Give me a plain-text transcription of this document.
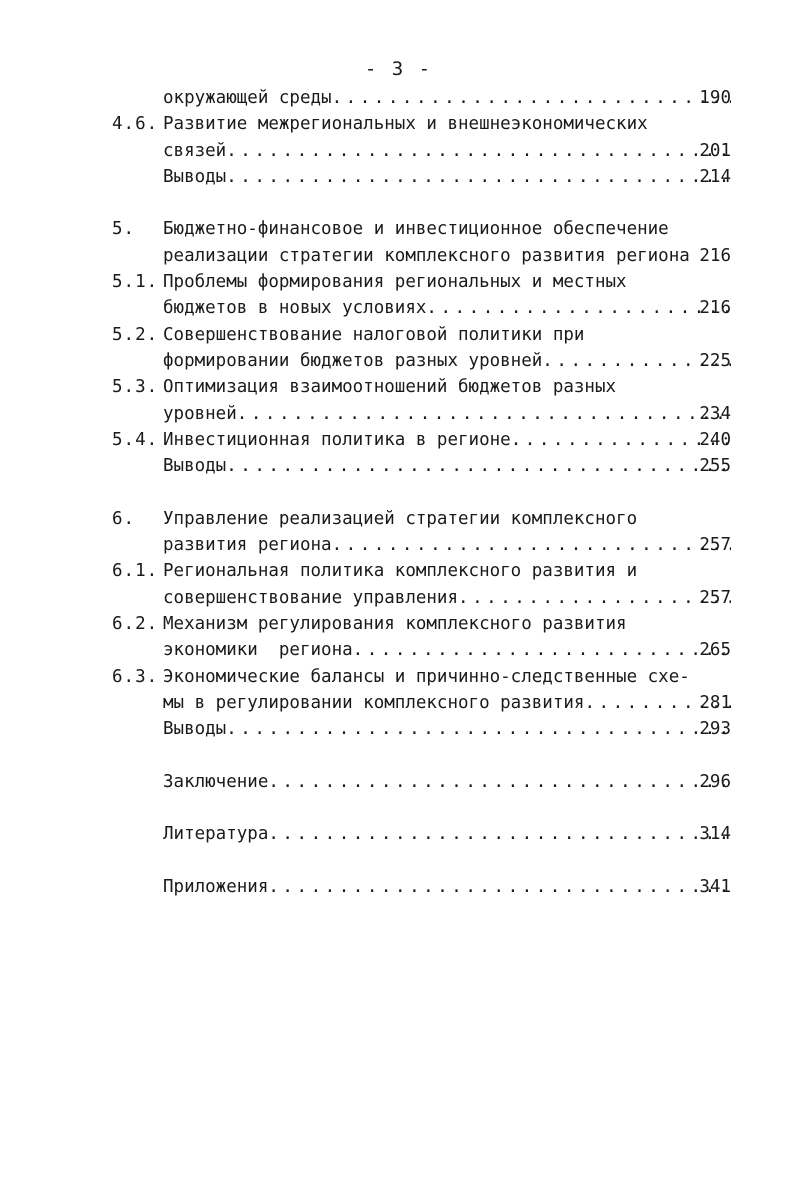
- 3 -
окружающей среды . . .	190
4.6. Развитие межрегиональных и внешнеэкономических
связей . . .	201
Выводы . . .	214
5. Бюджетно-финансовое и инвестиционное обеспечение
реализации стратегии комплексного развития региона 216
5.1. Проблемы формирования региональных и местных
бюджетов в новых условиях . . .	216
5.2. Совершенствование налоговой политики при
формировании бюджетов разных уровней . . .	225
5.3. Оптимизация взаимоотношений бюджетов разных
уровней . . .	234
5.4. Инвестиционная политика в регионе . . .	240
Выводы . . .	255
6. Управление реализацией стратегии комплексного
развития региона . . .	257
6.1. Региональная политика комплексного развития и
совершенствование управления . . .	257
6.2. Механизм регулирования комплексного развития
экономики  региона . . .	265
6.3. Экономические балансы и причинно-следственные схе-
мы в регулировании комплексного развития . . .	281
Выводы . . .	293
Заключение . . .	296
Литература . . .	314
Приложения . . .	341
